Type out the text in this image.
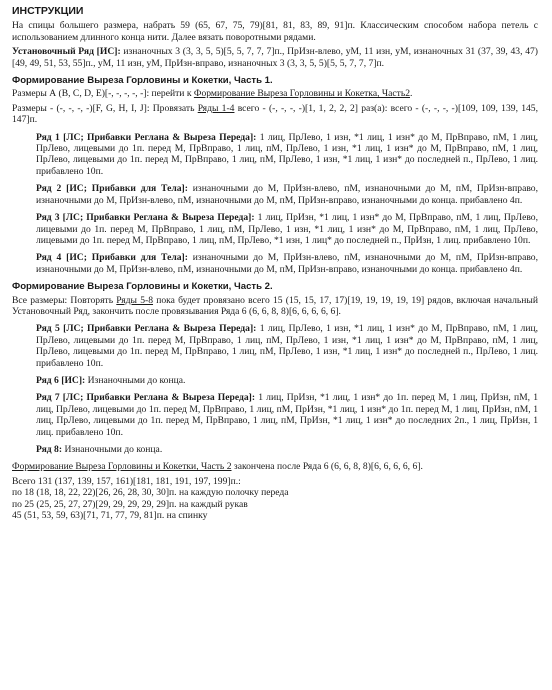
ИНСТРУКЦИИ

На спицы большего размера, набрать 59 (65, 67, 75, 79)[81, 81, 83, 89, 91]п. Классическим способом набора петель с использованием длинного конца нити. Далее вязать поворотными рядами.

Установочный Ряд [ИС]: изнаночных 3 (3, 3, 5, 5)[5, 5, 7, 7, 7]п., ПрИзн-влево, уМ, 11 изн, уМ, изнаночных 31 (37, 39, 43, 47)[49, 49, 51, 53, 55]п., уМ, 11 изн, уМ, ПрИзн-вправо, изнаночных 3 (3, 3, 5, 5)[5, 5, 7, 7, 7]п.

Формирование Выреза Горловины и Кокетки, Часть 1.

Размеры А (B, C, D, E)[-, -, -, -, -]: перейти к Формирование Выреза Горловины и Кокетка, Часть2.

Размеры - (-, -, -, -)[F, G, H, I, J]: Провязать Ряды 1-4 всего - (-, -, -, -)[1, 1, 2, 2, 2] раз(а): всего - (-, -, -, -)[109, 109, 139, 145, 147]п.

Ряд 1 [ЛС; Прибавки Реглана & Выреза Переда]: 1 лиц, ПрЛево, 1 изн, *1 лиц, 1 изн* до М, ПрВправо, пМ, 1 лиц, ПрЛево, лицевыми до 1п. перед М, ПрВправо, 1 лиц, пМ, ПрЛево, 1 изн, *1 лиц, 1 изн* до М, ПрВправо, пМ, 1 лиц, ПрЛево, лицевыми до 1п. перед М, ПрВправо, 1 лиц, пМ, ПрЛево, 1 изн, *1 лиц, 1 изн* до последней п., ПрЛево, 1 лиц. прибавлено 10п.

Ряд 2 [ИС; Прибавки для Тела]: изнаночными до М, ПрИзн-влево, пМ, изнаночными до М, пМ, ПрИзн-вправо, изнаночными до М, ПрИзн-влево, пМ, изнаночными до М, пМ, ПрИзн-вправо, изнаночными до конца. прибавлено 4п.

Ряд 3 [ЛС; Прибавки Реглана & Выреза Переда]: 1 лиц, ПрИзн, *1 лиц, 1 изн* до М, ПрВправо, пМ, 1 лиц, ПрЛево, лицевыми до 1п. перед М, ПрВправо, 1 лиц, пМ, ПрЛево, 1 изн, *1 лиц, 1 изн* до М, ПрВправо, пМ, 1 лиц, ПрЛево, лицевыми до 1п. перед М, ПрВправо, 1 лиц, пМ, ПрЛево, *1 изн, 1 лиц* до последней п., ПрИзн, 1 лиц. прибавлено 10п.

Ряд 4 [ИС; Прибавки для Тела]: изнаночными до М, ПрИзн-влево, пМ, изнаночными до М, пМ, ПрИзн-вправо, изнаночными до М, ПрИзн-влево, пМ, изнаночными до М, пМ, ПрИзн-вправо, изнаночными до конца. прибавлено 4п.

Формирование Выреза Горловины и Кокетки, Часть 2.

Все размеры: Повторять Ряды 5-8 пока будет провязано всего 15 (15, 15, 17, 17)[19, 19, 19, 19, 19] рядов, включая начальный Установочный Ряд, закончить после провязывания Ряда 6 (6, 6, 8, 8)[6, 6, 6, 6, 6].

Ряд 5 [ЛС; Прибавки Реглана & Выреза Переда]: 1 лиц, ПрЛево, 1 изн, *1 лиц, 1 изн* до М, ПрВправо, пМ, 1 лиц, ПрЛево, лицевыми до 1п. перед М, ПрВправо, 1 лиц, пМ, ПрЛево, 1 изн, *1 лиц, 1 изн* до М, ПрВправо, пМ, 1 лиц, ПрЛево, лицевыми до 1п. перед М, ПрВправо, 1 лиц, пМ, ПрЛево, 1 изн, *1 лиц, 1 изн* до последней п., ПрЛево, 1 лиц. прибавлено 10п.

Ряд 6 [ИС]: Изнаночными до конца.

Ряд 7 [ЛС; Прибавки Реглана & Выреза Переда]: 1 лиц, ПрИзн, *1 лиц, 1 изн* до 1п. перед М, 1 лиц, ПрИзн, пМ, 1 лиц, ПрЛево, лицевыми до 1п. перед М, ПрВправо, 1 лиц, пМ, ПрИзн, *1 лиц, 1 изн* до 1п. перед М, 1 лиц, ПрИзн, пМ, 1 лиц, ПрЛево, лицевыми до 1п. перед М, ПрВправо, 1 лиц, пМ, ПрИзн, *1 лиц, 1 изн* до последних 2п., 1 лиц, ПрИзн, 1 лиц. прибавлено 10п.

Ряд 8: Изнаночными до конца.

Формирование Выреза Горловины и Кокетки, Часть 2 закончена после Ряда 6 (6, 6, 8, 8)[6, 6, 6, 6, 6].

Всего 131 (137, 139, 157, 161)[181, 181, 191, 197, 199]п.:

по 18 (18, 18, 22, 22)[26, 26, 28, 30, 30]п. на каждую полочку переда

по 25 (25, 25, 27, 27)[29, 29, 29, 29, 29]п. на каждый рукав

45 (51, 53, 59, 63)[71, 71, 77, 79, 81]п. на спинку
